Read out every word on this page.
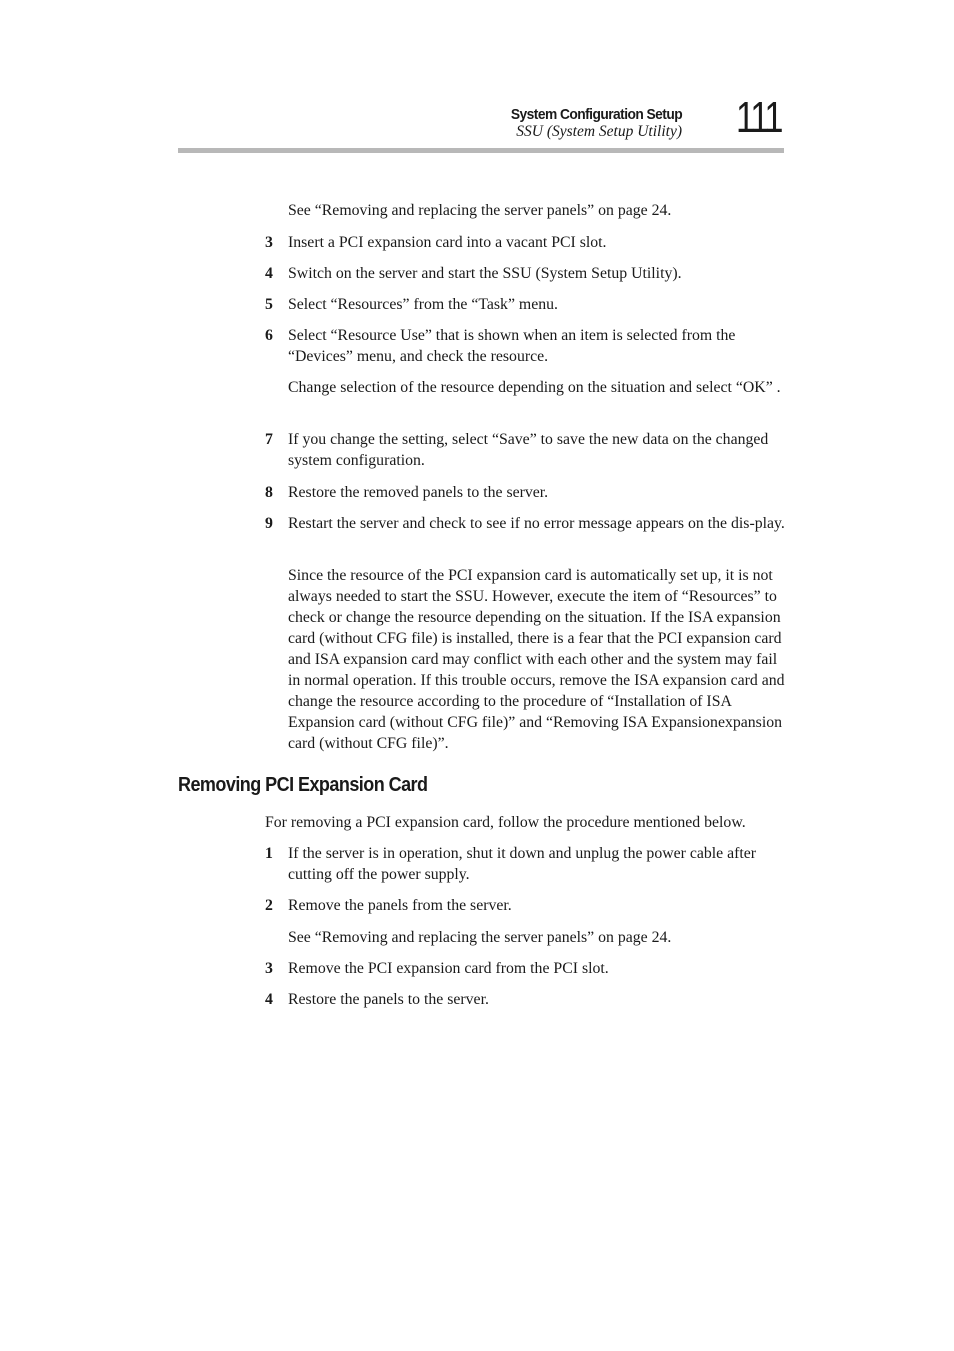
System Configuration Setup
SSU (System Setup Utility) 111

See “Removing and replacing the server panels” on page 24.

3 Insert a PCI expansion card into a vacant PCI slot.

4 Switch on the server and start the SSU (System Setup Utility).

5 Select “Resources” from the “Task” menu.

6 Select “Resource Use” that is shown when an item is selected from the “Devices” menu, and check the resource.

Change selection of the resource depending on the situation and select “OK” .

7 If you change the setting, select “Save” to save the new data on the changed system configuration.

8 Restore the removed panels to the server.

9 Restart the server and check to see if no error message appears on the dis-play.

Since the resource of the PCI expansion card is automatically set up, it is not always needed to start the SSU. However, execute the item of “Resources” to check or change the resource depending on the situation. If the ISA expansion card (without CFG file) is installed, there is a fear that the PCI expansion card and ISA expansion card may conflict with each other and the system may fail in normal operation. If this trouble occurs, remove the ISA expansion card and change the resource according to the procedure of “Installation of ISA Expansion card (without CFG file)” and “Removing ISA Expansionexpansion card (without CFG file)”.

Removing PCI Expansion Card

For removing a PCI expansion card, follow the procedure mentioned below.

1 If the server is in operation, shut it down and unplug the power cable after cutting off the power supply.

2 Remove the panels from the server.

See “Removing and replacing the server panels” on page 24.

3 Remove the PCI expansion card from the PCI slot.

4 Restore the panels to the server.
